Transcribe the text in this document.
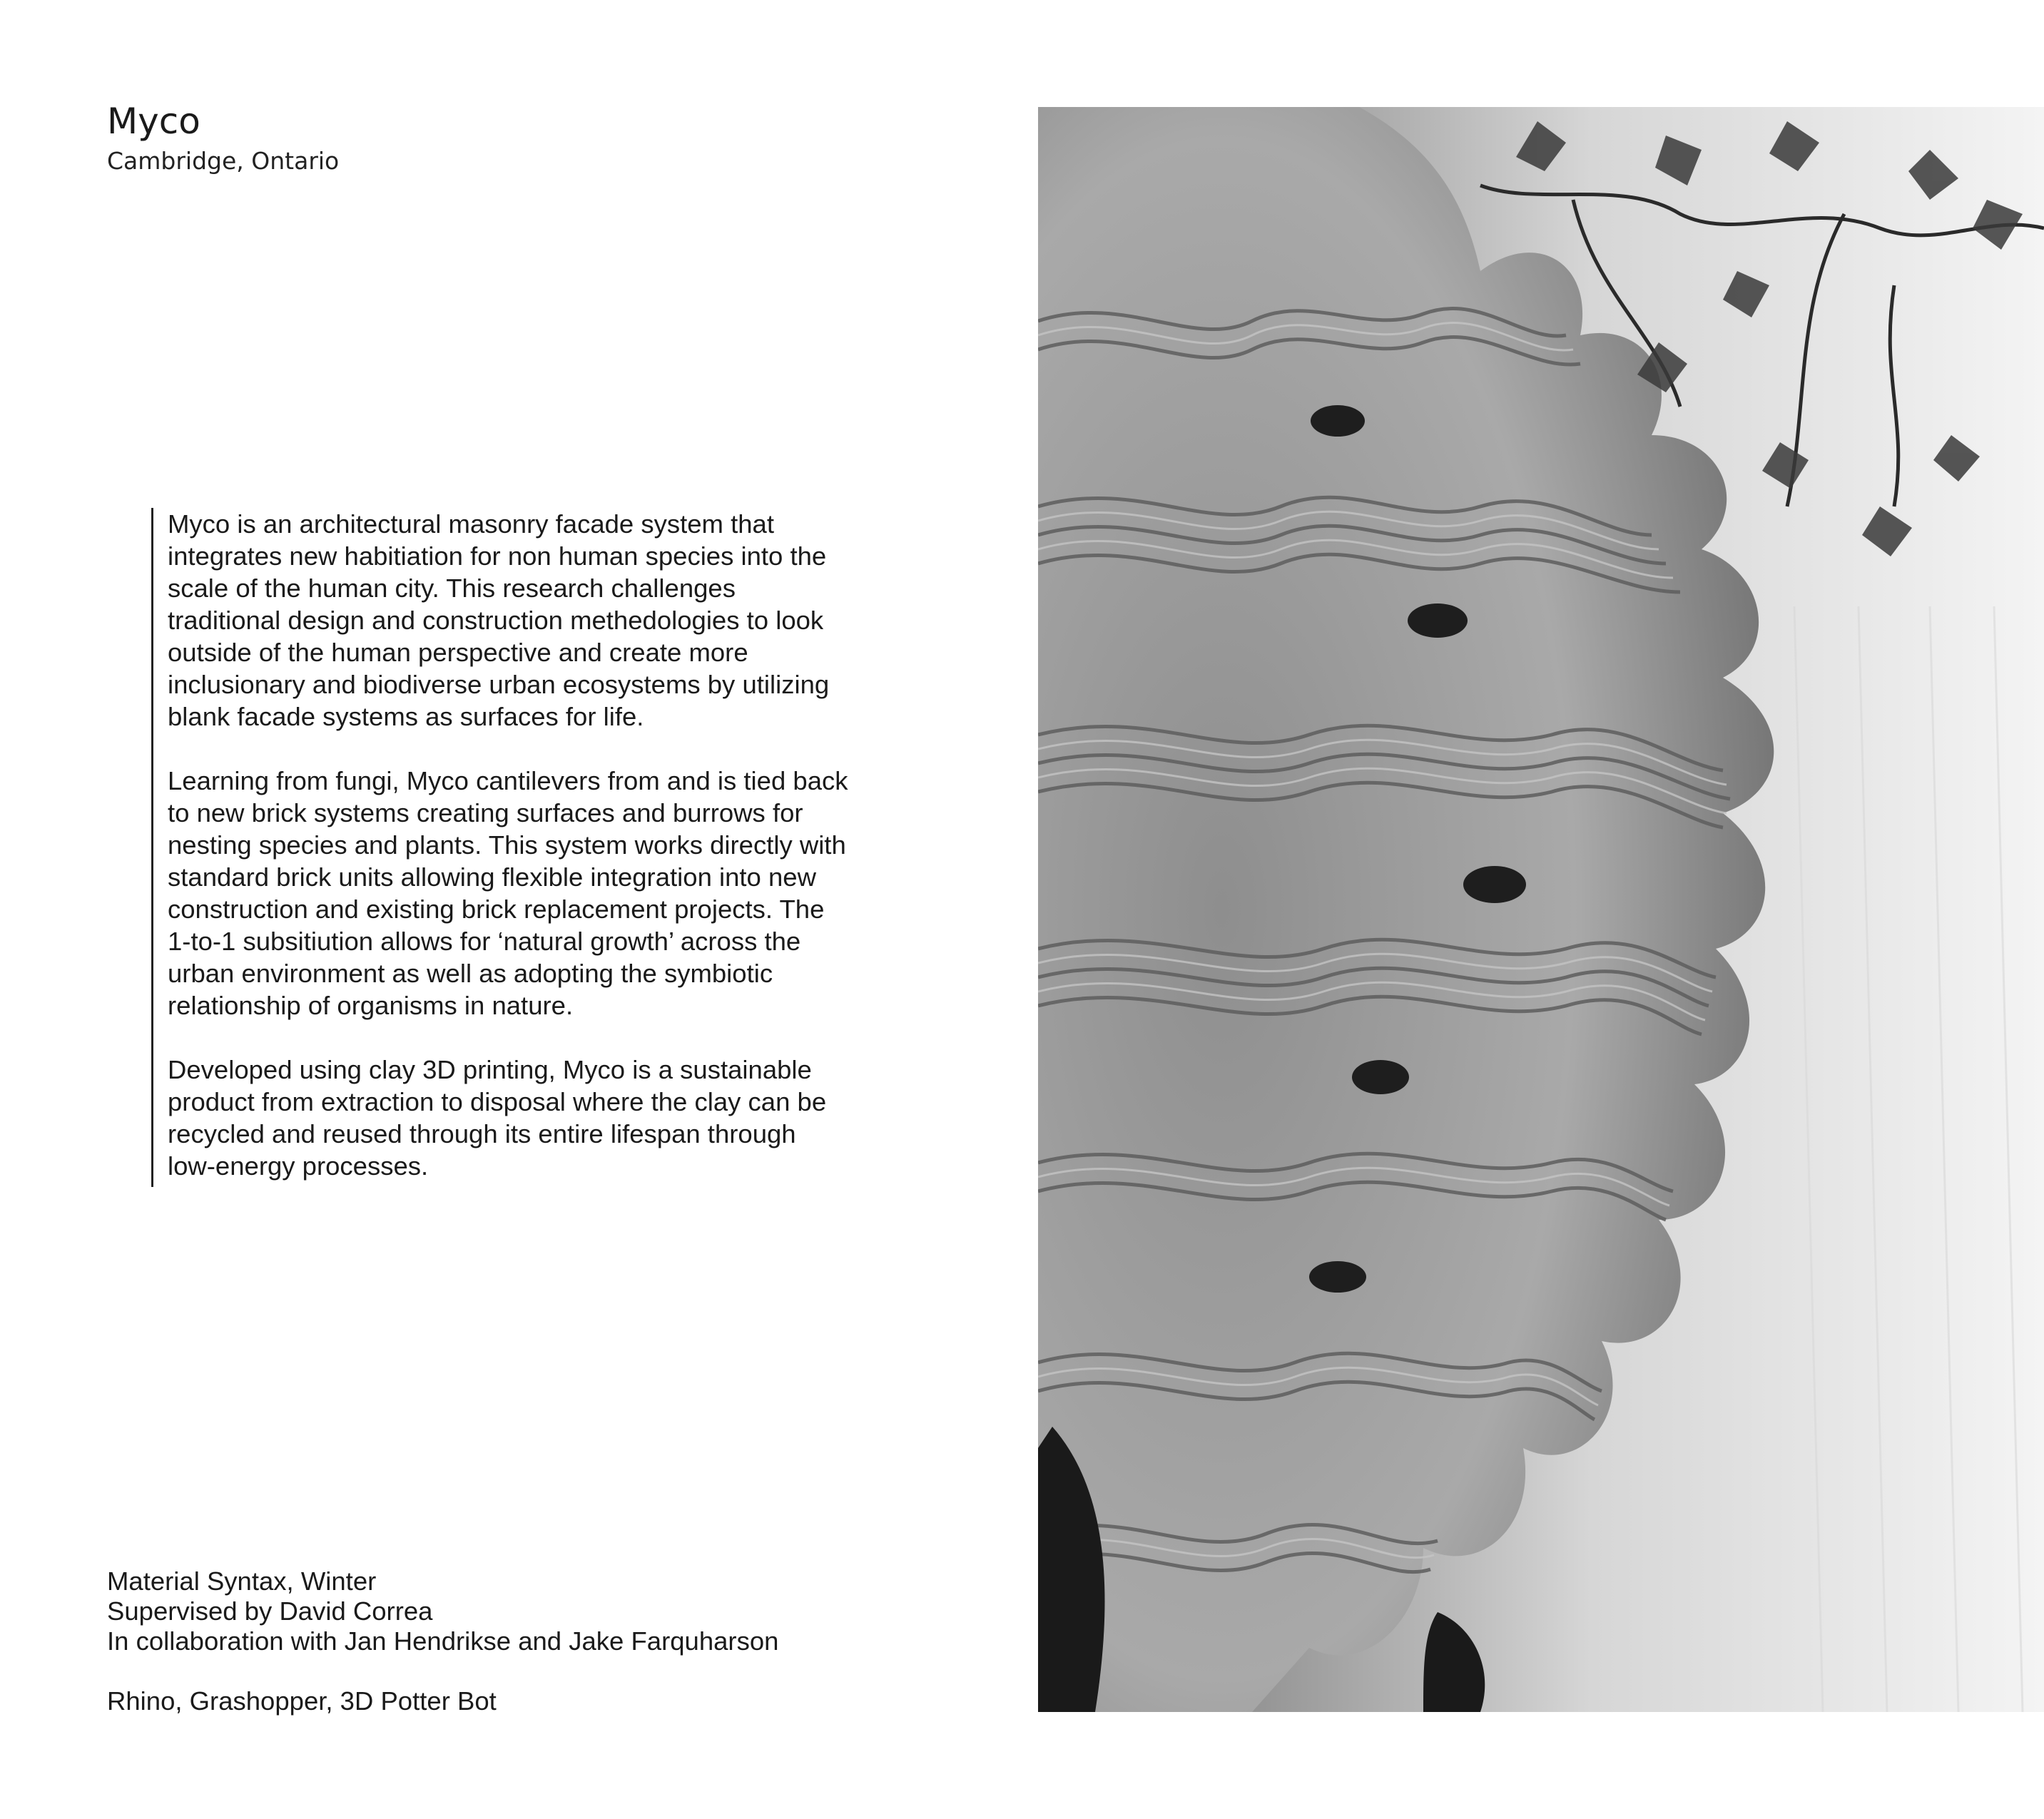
Myco
Cambridge, Ontario

Myco is an architectural masonry facade system that integrates new habitiation for non human species into the scale of the human city. This research challenges traditional design and construction methedologies to look outside of the human perspective and create more inclusionary and biodiverse urban ecosystems by utilizing blank facade systems as surfaces for life.

Learning from fungi, Myco cantilevers from and is tied back to new brick systems creating surfaces and burrows for nesting species and plants. This system works directly with standard brick units allowing flexible integration into new construction and existing brick replacement projects. The 1-to-1 subsitiution allows for ‘natural growth’ across the urban environment as well as adopting the symbiotic relationship of organisms in nature.

Developed using clay 3D printing, Myco is a sustainable product from extraction to disposal where the clay can be recycled and reused through its entire lifespan through low-energy processes.

Material Syntax, Winter
Supervised by David Correa
In collaboration with Jan Hendrikse and Jake Farquharson
Rhino, Grashopper, 3D Potter Bot
